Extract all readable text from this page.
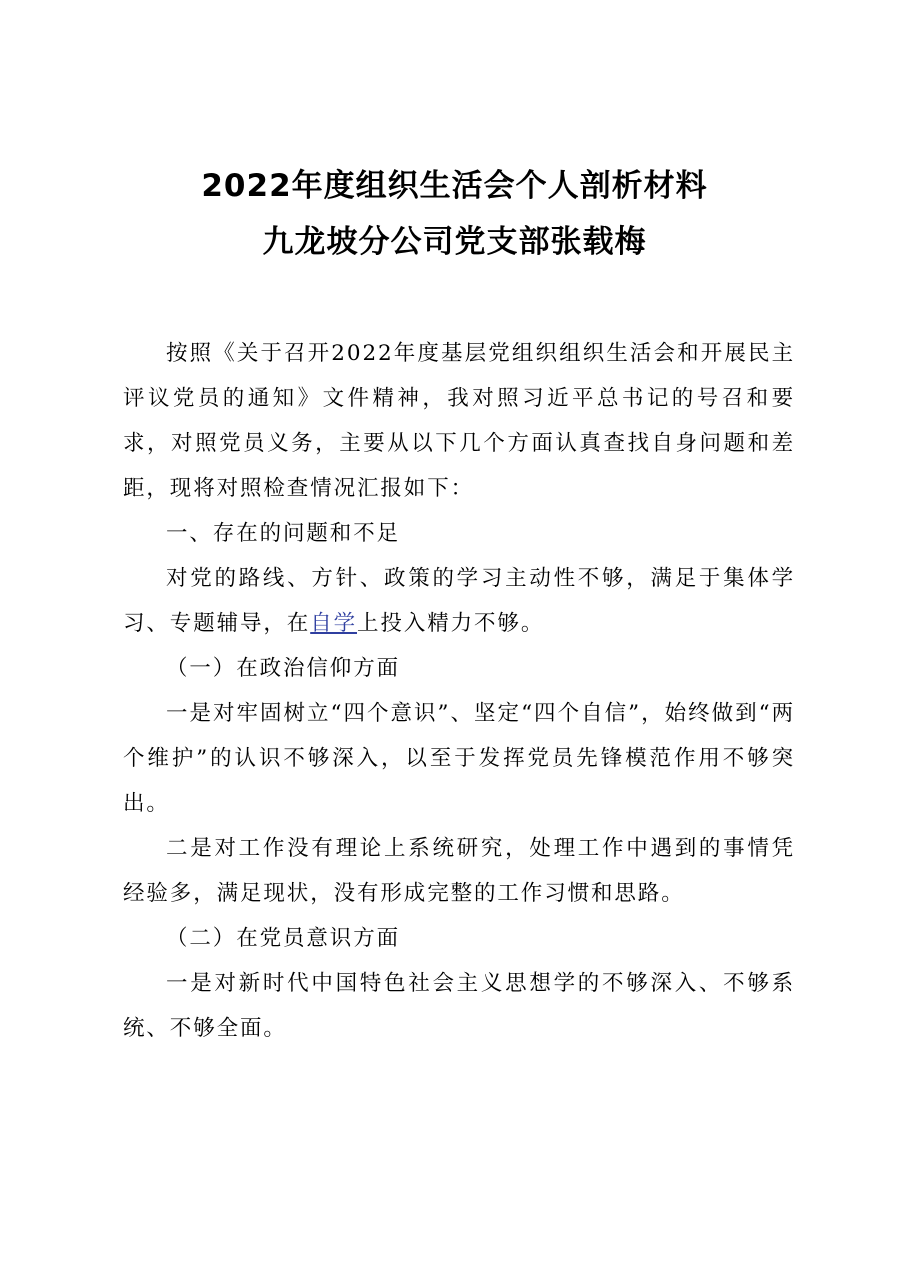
2022年度组织生活会个人剖析材料
九龙坡分公司党支部张载梅

按照《关于召开2022年度基层党组织组织生活会和开展民主评议党员的通知》文件精神，我对照习近平总书记的号召和要求，对照党员义务，主要从以下几个方面认真查找自身问题和差距，现将对照检查情况汇报如下：

一、存在的问题和不足

对党的路线、方针、政策的学习主动性不够，满足于集体学习、专题辅导，在自学上投入精力不够。

（一）在政治信仰方面

一是对牢固树立“四个意识”、坚定“四个自信”，始终做到“两个维护”的认识不够深入，以至于发挥党员先锋模范作用不够突出。

二是对工作没有理论上系统研究，处理工作中遇到的事情凭经验多，满足现状，没有形成完整的工作习惯和思路。

（二）在党员意识方面

一是对新时代中国特色社会主义思想学的不够深入、不够系统、不够全面。
